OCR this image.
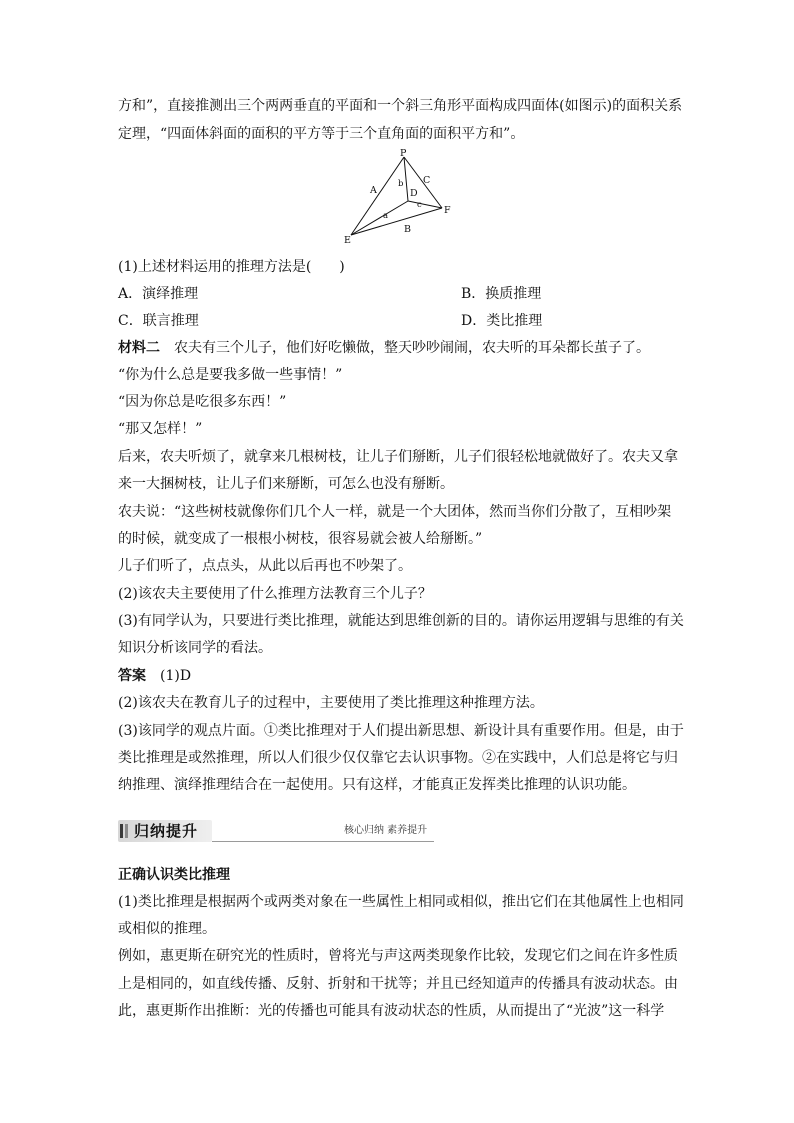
方和”，直接推测出三个两两垂直的平面和一个斜三角形平面构成四面体(如图示)的面积关系
定理，“四面体斜面的面积的平方等于三个直角面的面积平方和”。
P
A
b C
D
c
a	F
B
E
(1)上述材料运用的推理方法是(　　)
A．演绎推理	B．换质推理
C．联言推理	D．类比推理
材料二　农夫有三个儿子，他们好吃懒做，整天吵吵闹闹，农夫听的耳朵都长茧子了。
“你为什么总是要我多做一些事情！”
“因为你总是吃很多东西！”
“那又怎样！”
后来，农夫听烦了，就拿来几根树枝，让儿子们掰断，儿子们很轻松地就做好了。农夫又拿
来一大捆树枝，让儿子们来掰断，可怎么也没有掰断。
农夫说：“这些树枝就像你们几个人一样，就是一个大团体，然而当你们分散了，互相吵架
的时候，就变成了一根根小树枝，很容易就会被人给掰断。”
儿子们听了，点点头，从此以后再也不吵架了。
(2)该农夫主要使用了什么推理方法教育三个儿子？
(3)有同学认为，只要进行类比推理，就能达到思维创新的目的。请你运用逻辑与思维的有关
知识分析该同学的看法。
答案　(1)D
(2)该农夫在教育儿子的过程中，主要使用了类比推理这种推理方法。
(3)该同学的观点片面。①类比推理对于人们提出新思想、新设计具有重要作用。但是，由于
类比推理是或然推理，所以人们很少仅仅靠它去认识事物。②在实践中，人们总是将它与归
纳推理、演绎推理结合在一起使用。只有这样，才能真正发挥类比推理的认识功能。
归纳提升	核心归纳 素养提升
正确认识类比推理
(1)类比推理是根据两个或两类对象在一些属性上相同或相似，推出它们在其他属性上也相同
或相似的推理。
例如，惠更斯在研究光的性质时，曾将光与声这两类现象作比较，发现它们之间在许多性质
上是相同的，如直线传播、反射、折射和干扰等；并且已经知道声的传播具有波动状态。由
此，惠更斯作出推断：光的传播也可能具有波动状态的性质，从而提出了“光波”这一科学
